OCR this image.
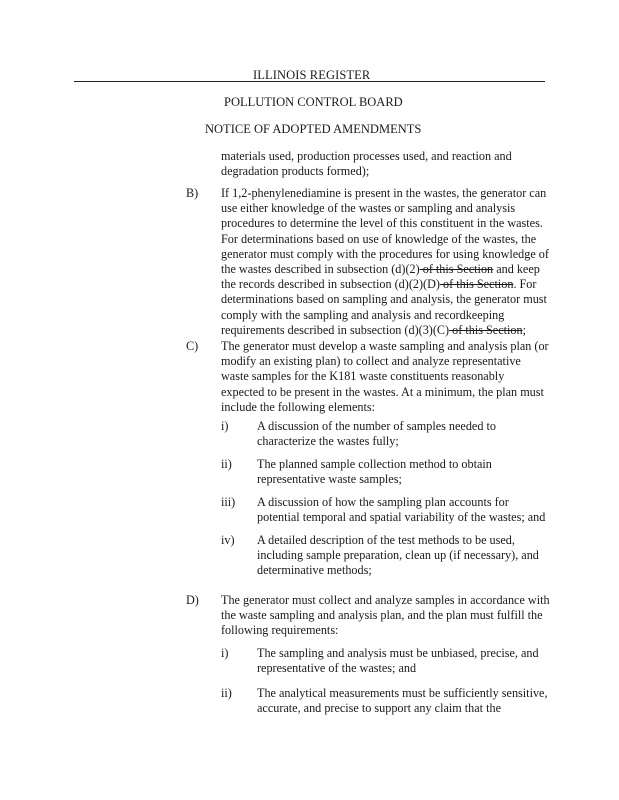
ILLINOIS REGISTER
POLLUTION CONTROL BOARD
NOTICE OF ADOPTED AMENDMENTS
materials used, production processes used, and reaction and
degradation products formed);
B) If 1,2-phenylenediamine is present in the wastes, the generator can
use either knowledge of the wastes or sampling and analysis
procedures to determine the level of this constituent in the wastes.
For determinations based on use of knowledge of the wastes, the
generator must comply with the procedures for using knowledge of
the wastes described in subsection (d)(2) of this Section and keep
the records described in subsection (d)(2)(D) of this Section. For
determinations based on sampling and analysis, the generator must
comply with the sampling and analysis and recordkeeping
requirements described in subsection (d)(3)(C) of this Section;
C) The generator must develop a waste sampling and analysis plan (or
modify an existing plan) to collect and analyze representative
waste samples for the K181 waste constituents reasonably
expected to be present in the wastes. At a minimum, the plan must
include the following elements:
i) A discussion of the number of samples needed to
characterize the wastes fully;
ii) The planned sample collection method to obtain
representative waste samples;
iii) A discussion of how the sampling plan accounts for
potential temporal and spatial variability of the wastes; and
iv) A detailed description of the test methods to be used,
including sample preparation, clean up (if necessary), and
determinative methods;
D) The generator must collect and analyze samples in accordance with
the waste sampling and analysis plan, and the plan must fulfill the
following requirements:
i) The sampling and analysis must be unbiased, precise, and
representative of the wastes; and
ii) The analytical measurements must be sufficiently sensitive,
accurate, and precise to support any claim that the
